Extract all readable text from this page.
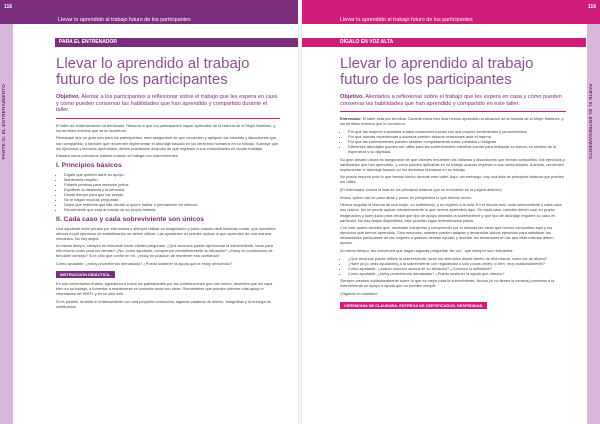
116
Llevar lo aprendido al trabajo futuro de los participantes
PARTE III. EL ENTRENAMIENTO
PARA EL ENTRENADOR
Llevar lo aprendido al trabajo futuro de los participantes
Objetivo. Alentar a los participantes a reflexionar sobre el trabajo que les espera en casa y cómo pueden conservar las habilidades que han aprendido y compartido durante el taller.

El taller de entrenamiento ha terminado. Resuma lo que los participantes hayan aprendido de la historia de la Mujer Martinez, y los terribles eventos que se le ocurrieron.

Remarque que un gran reto para los participantes, será asegurarse de que recuerden y apliquen las historias y discusiones que han compartido, y también que recuerden implementar el abordaje basado en los derechos humanos en su trabajo. Subraye que los ejercicios y técnicas aprendidos, deben practicarse después de que regresen a sus comunidades en donde trabajan.

Estados estos preceptos visibles cuando se trabaja con sobrevivientes

I. Principios básicos
• Dígale que quieren darle su apoyo.
• Mantenerla respeto.
• Pídanle permiso para ventarse juntos.
• Equilibrer la distancia y la cercanía.
• Desde tiempo para que los acepte.
• No le hagan muchas preguntas.
• Dejen que entienda que ella decide si quiere hablar o permanecer en silencio.
• Recuérdenle que está al mando de su propia historia.
II. Cada caso y cada sobreviviente son únicos

Una ayudante debe pensar por ella misma y siempre utilizar su imaginación y juicio cuando dedi historias contar, que considere ofrecer a qué ejercicios de estabilización se deben utilizar. Las ayudantes no pueden aplicar lo que aprenden de una manera mecánica. No hay atajos.

Al mismo tiempo, siempre es relevante hacer ciertas preguntas: ¿Qué recursos puede aprovechar la sobreviviente, tanto para ella misma como para los demás? ¿No, como ayudante, comprendo verdaderamente su situación? ¿Estoy en condiciones de brindarle consejo? Si le pido que confíe en mí, ¿estoy en posición de mantener esa confianza?

Como ayudante, ¿estoy prometiendo demasiado? ¿Puedo sostener la ayuda que le estoy ofreciendo?

INSTRUCCIÓN DIDÁCTICA.

En sus comentarios finales, agradezca a todos los participantes por las contribuciones que han hecho, deséeles que les vaya bien en su trabajo, a fomentar a mantenerse en contacto unos con otros. Recuérdeles que pueden obtener más apoyo e información de HHRY y en su sitio web.

Si es posible, termine el entrenamiento con una pequeña ceremonia, algunas palabras de aliento, fotografías y la entrega de certificados.

Llevar lo aprendido al trabajo futuro de los participantes
116
PARTE III. EL ENTRENAMIENTO
DÍGALO EN VOZ ALTA
Llevar lo aprendido al trabajo futuro de los participantes
Objetivo. Alentarlos a reflexionar sobre el trabajo que les espera en casa y cómo pueden conservar las habilidades que han aprendido y compartido en este taller.

Entrenador. El taller está por terminar. Durante estos tres días hemos aprendido la situación de la historia de la Mujer Martinez, y los terribles eventos que le ocurrieron.

• Por qué las mujeres expuestas a tales violaciones luchan con sus propios sentimientos y pensamientos.
• Por qué nuevas experiencias y sucesos pueden detonar reacciones ante el trauma.
• Por qué las sobrevivientes pueden sentirse completamente solas, perdidas o indignas.
• Diferentes abordajes pueden ser útiles para las sobrevivientes mientras luchan para restaurar su fuerza, su sentido de la esperanza y su dignidad.

Su gran desafío ahora es asegurarse de que ustedes recuerden las historias y discusiones que hemos compartido, los ejercicios y habilidades que han aprendido, y cómo pueden aplicarlas en su trabajo cuando regresen a sus comunidades. Además, recuerden implementar el abordaje basado en los derechos humanos en su trabajo.

No puedo resumir todo lo que hemos hecho durante este taller. Aquí, sin embargo, hay una lista de principios básicos que pueden ser útiles.

(El entrenador coloca la lista de los principios básicos que se enumeran en la página anterior).

Ahora, quiero dar un paso atrás y poner en perspectiva lo que hemos hecho.

Hemos seguido la historia de una mujer, su sufrimiento, y su regreso a la vida. En el mundo real, cada sobreviviente y cada caso son únicos. No se puede aplicar mecánicamente lo que hemos aprendido aquí. En cada caso, ustedes deben usar su propia imaginación y buen juicio para decidir qué tipo de apoyo necesita la sobreviviente y qué tipo de abordaje requiere su caso en particular. No hay atajos disponibles, este proceso sigue determinados pasos.

Con este quiero decirles que, necesitan interpretar y comprender por sí mismas las ideas que hemos compartido aquí y los ejercicios que hemos aprendido. Sólo entonces, ustedes pueden adaptar y desarrollar dichos ejercicios para satisfacer las necesidades particulares de las mujeres a quienes desean ayudar, y abordar las situaciones en las que ellas mismas deben ayudar.

Al mismo tiempo, les convendrá que hagan algunas preguntas “de oro”, que siempre son relevantes:

• ¿Qué recursos puede utilizar la sobreviviente, tanto los obtenidos desde dentro de ella misma, como los de afuera?
• ¿Haré yo (o otras ayudantes) a la sobreviviente con regularidad o sólo pocas veces; o bien, muy ocasionalmente?
• Como ayudante, ¿cuánto conozco acerca de su situación? ¿Conozco lo suficiente?
• Como ayudante, ¿estoy prometiendo demasiado? ¿Puedo sostener la ayuda que ofrezco?

Siempre piensen cuidadosamente sobre lo que es mejor para la sobreviviente. Nunca (ni no tienen la certeza) prometan a la sobreviviente un apoyo o ayuda que no pueden cumplir.

¡Siganos en contacto!

CEREMONIA DE CLAUSURA. ENTREGA DE CERTIFICADOS. DESPEDIDAS.
